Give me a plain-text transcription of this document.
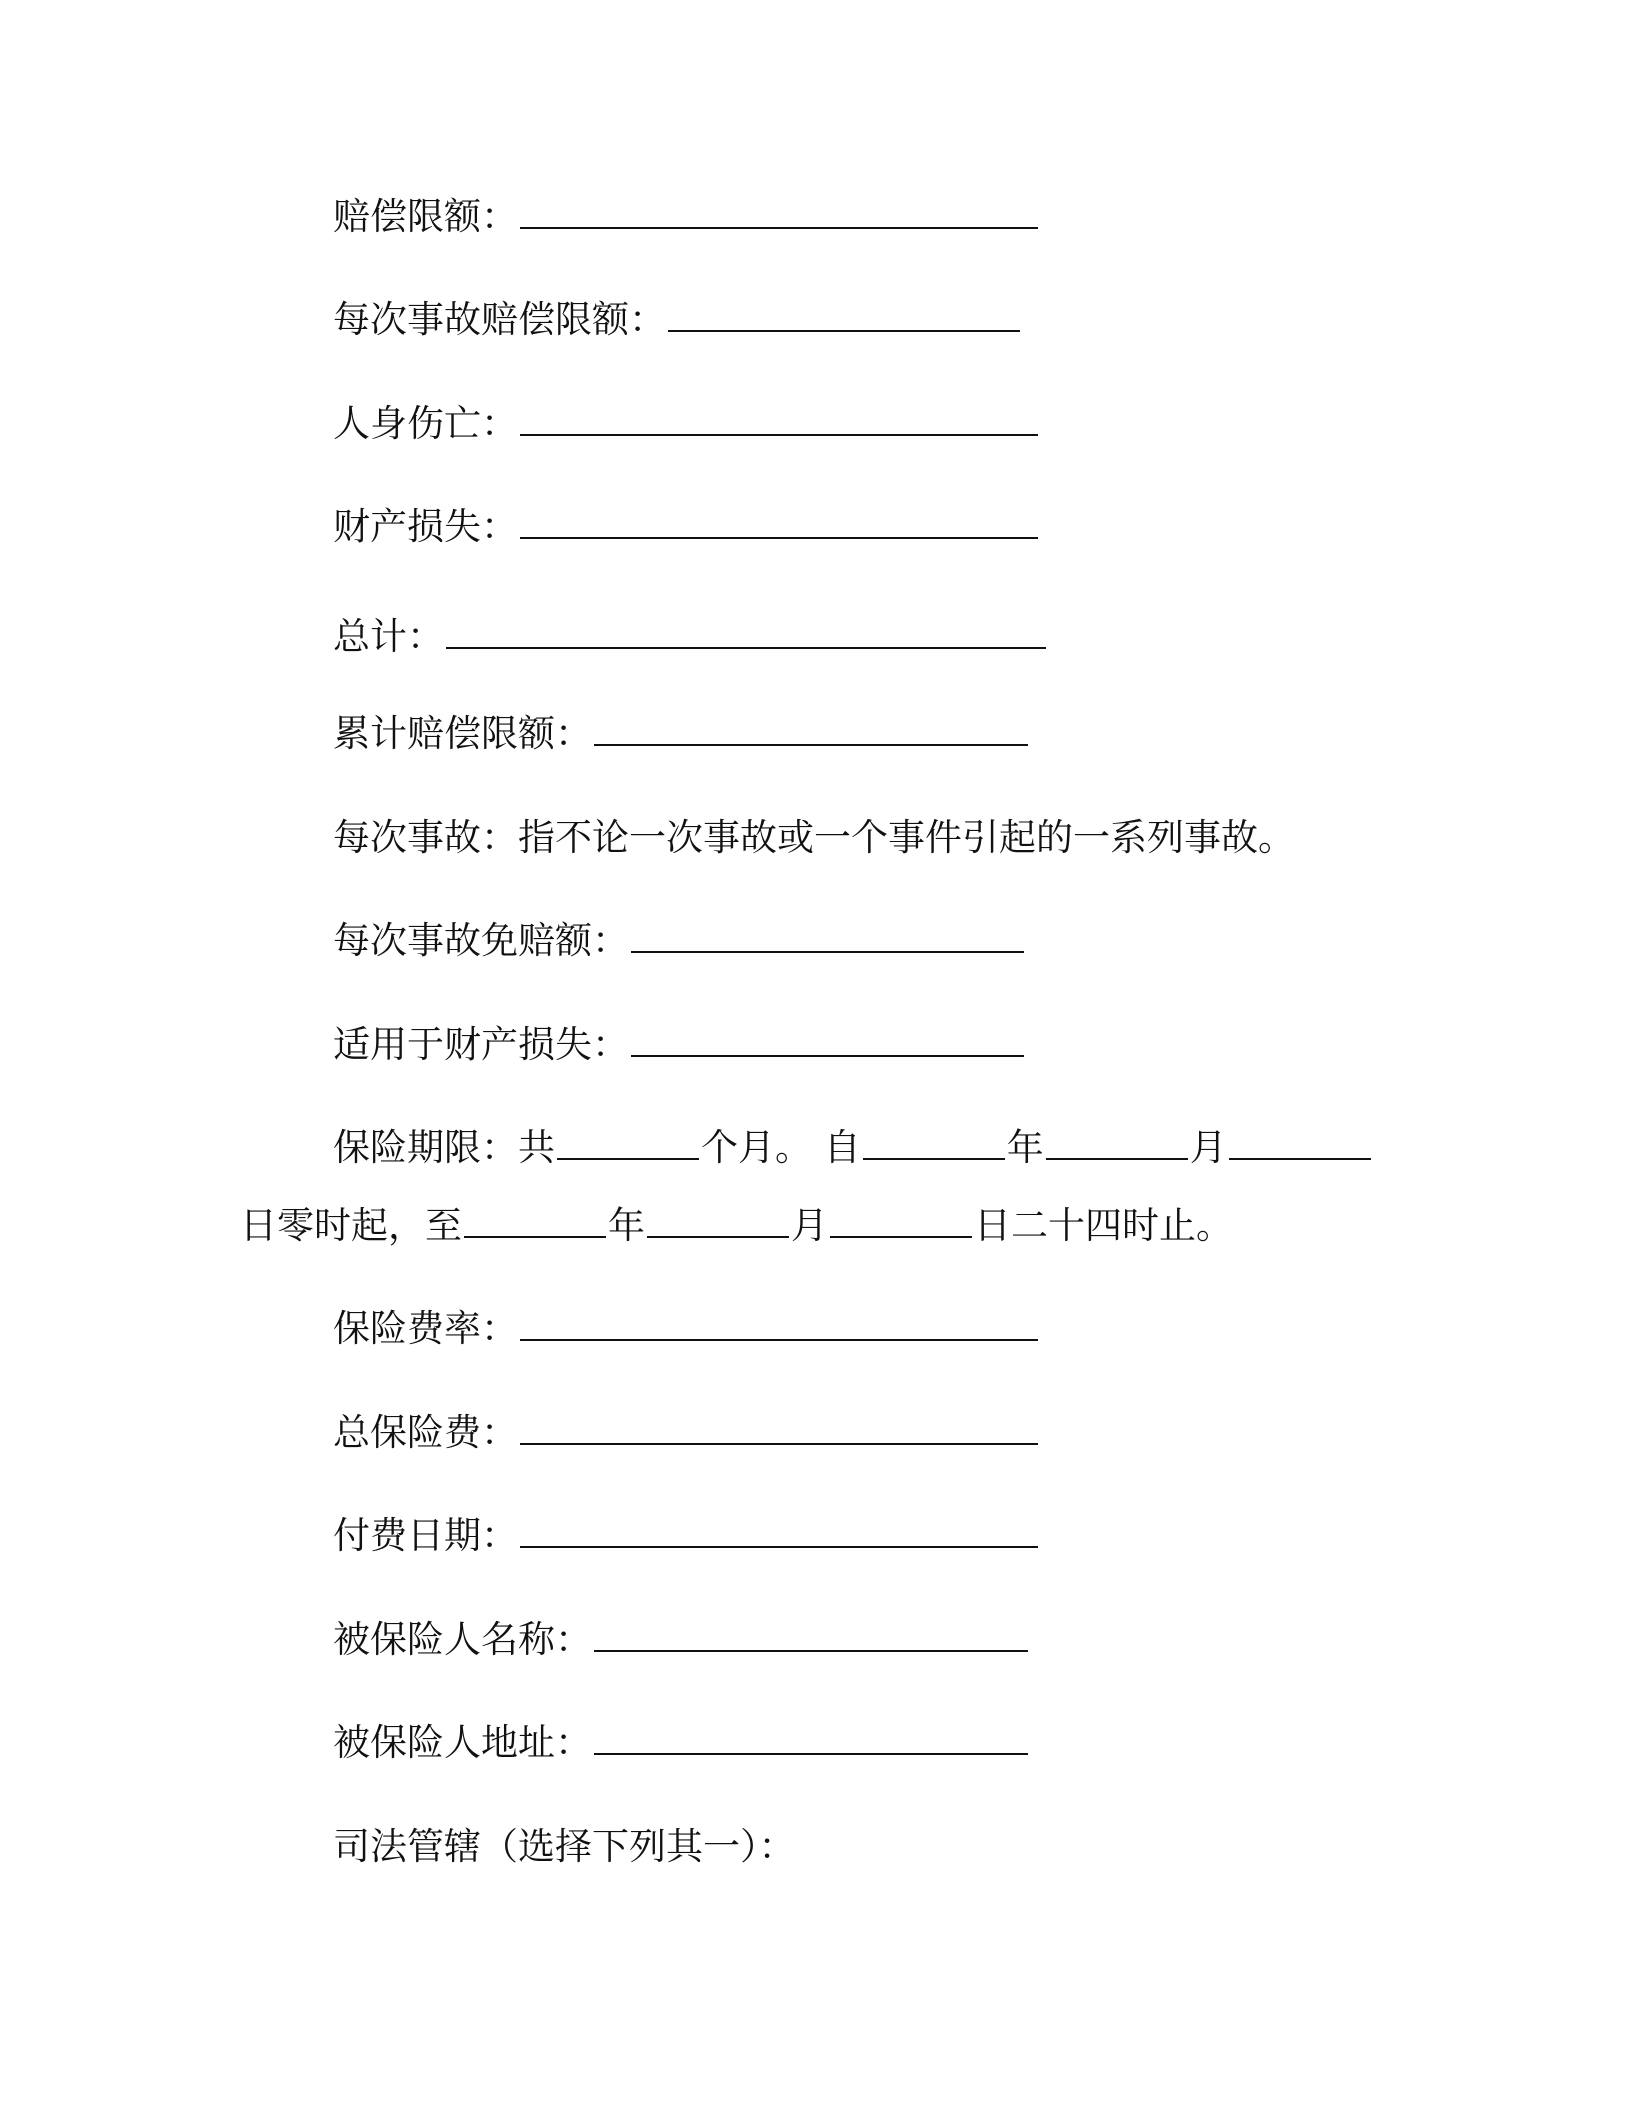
赔偿限额：
每次事故赔偿限额：
人身伤亡：
财产损失：
总计：
累计赔偿限额：
每次事故：指不论一次事故或一个事件引起的一系列事故。
每次事故免赔额：
适用于财产损失：
保险期限：共	个月。 自	年	月
日零时起，至	年	月	日二十四时止。
保险费率：
总保险费：
付费日期：
被保险人名称：
被保险人地址：
司法管辖（选择下列其一）：
